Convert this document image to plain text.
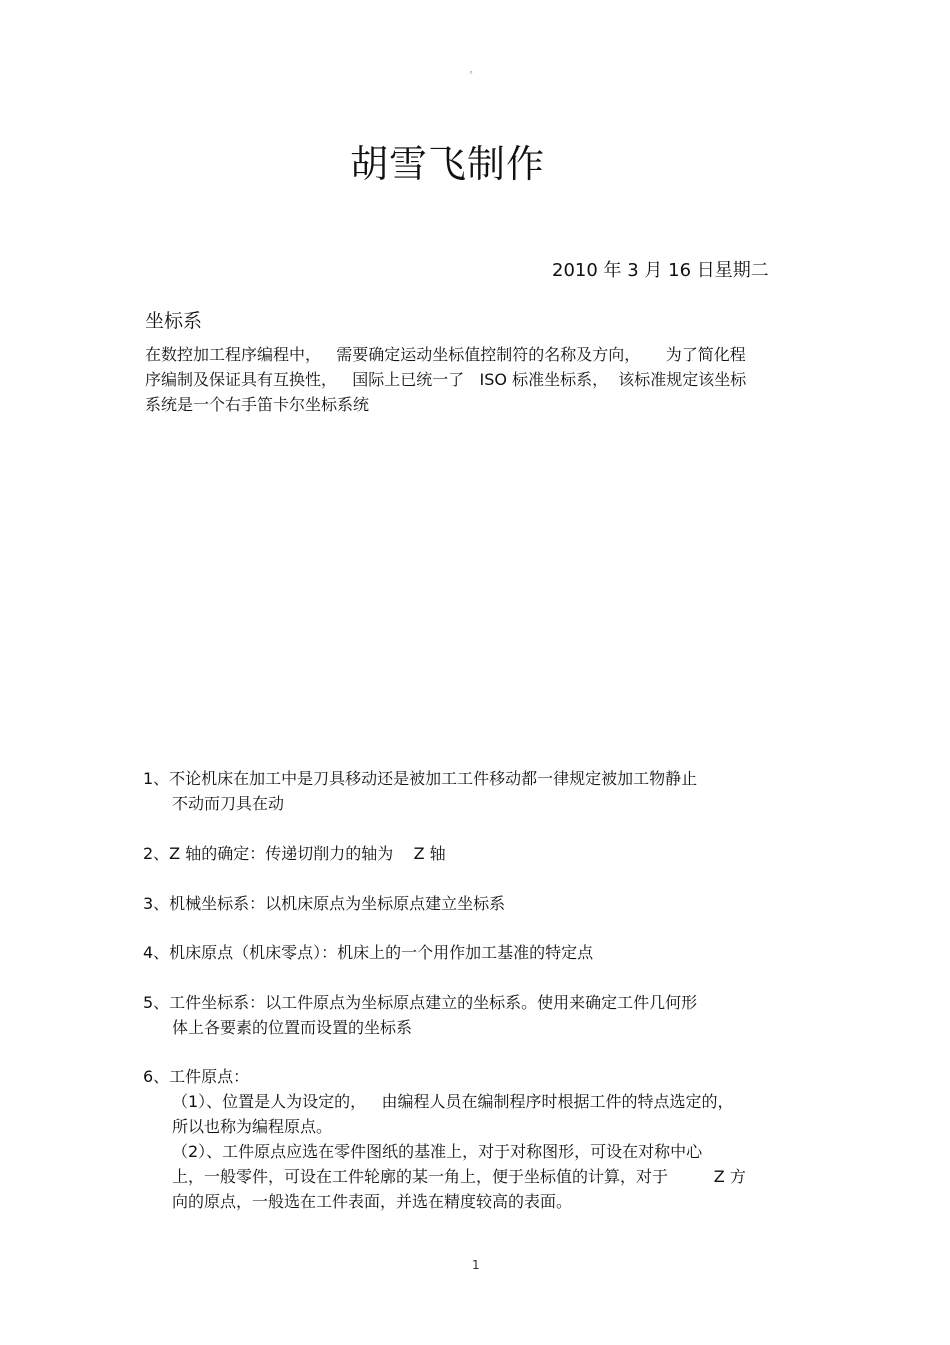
°
胡雪飞制作
2010 年 3 月 16 日星期二
坐标系
在数控加工程序编程中，   需要确定运动坐标值控制符的名称及方向，     为了简化程
序编制及保证具有互换性，   国际上已统一了   ISO 标准坐标系，  该标准规定该坐标
系统是一个右手笛卡尔坐标系统
1、不论机床在加工中是刀具移动还是被加工工件移动都一律规定被加工物静止
不动而刀具在动
2、Z 轴的确定：传递切削力的轴为    Z 轴
3、机械坐标系：以机床原点为坐标原点建立坐标系
4、机床原点（机床零点）：机床上的一个用作加工基准的特定点
5、工件坐标系：以工件原点为坐标原点建立的坐标系。使用来确定工件几何形
体上各要素的位置而设置的坐标系
6、工件原点：
（1）、位置是人为设定的，   由编程人员在编制程序时根据工件的特点选定的，
所以也称为编程原点。
（2）、工件原点应选在零件图纸的基准上，对于对称图形，可设在对称中心
上，一般零件，可设在工件轮廓的某一角上，便于坐标值的计算，对于         Z 方
向的原点，一般选在工件表面，并选在精度较高的表面。
1
